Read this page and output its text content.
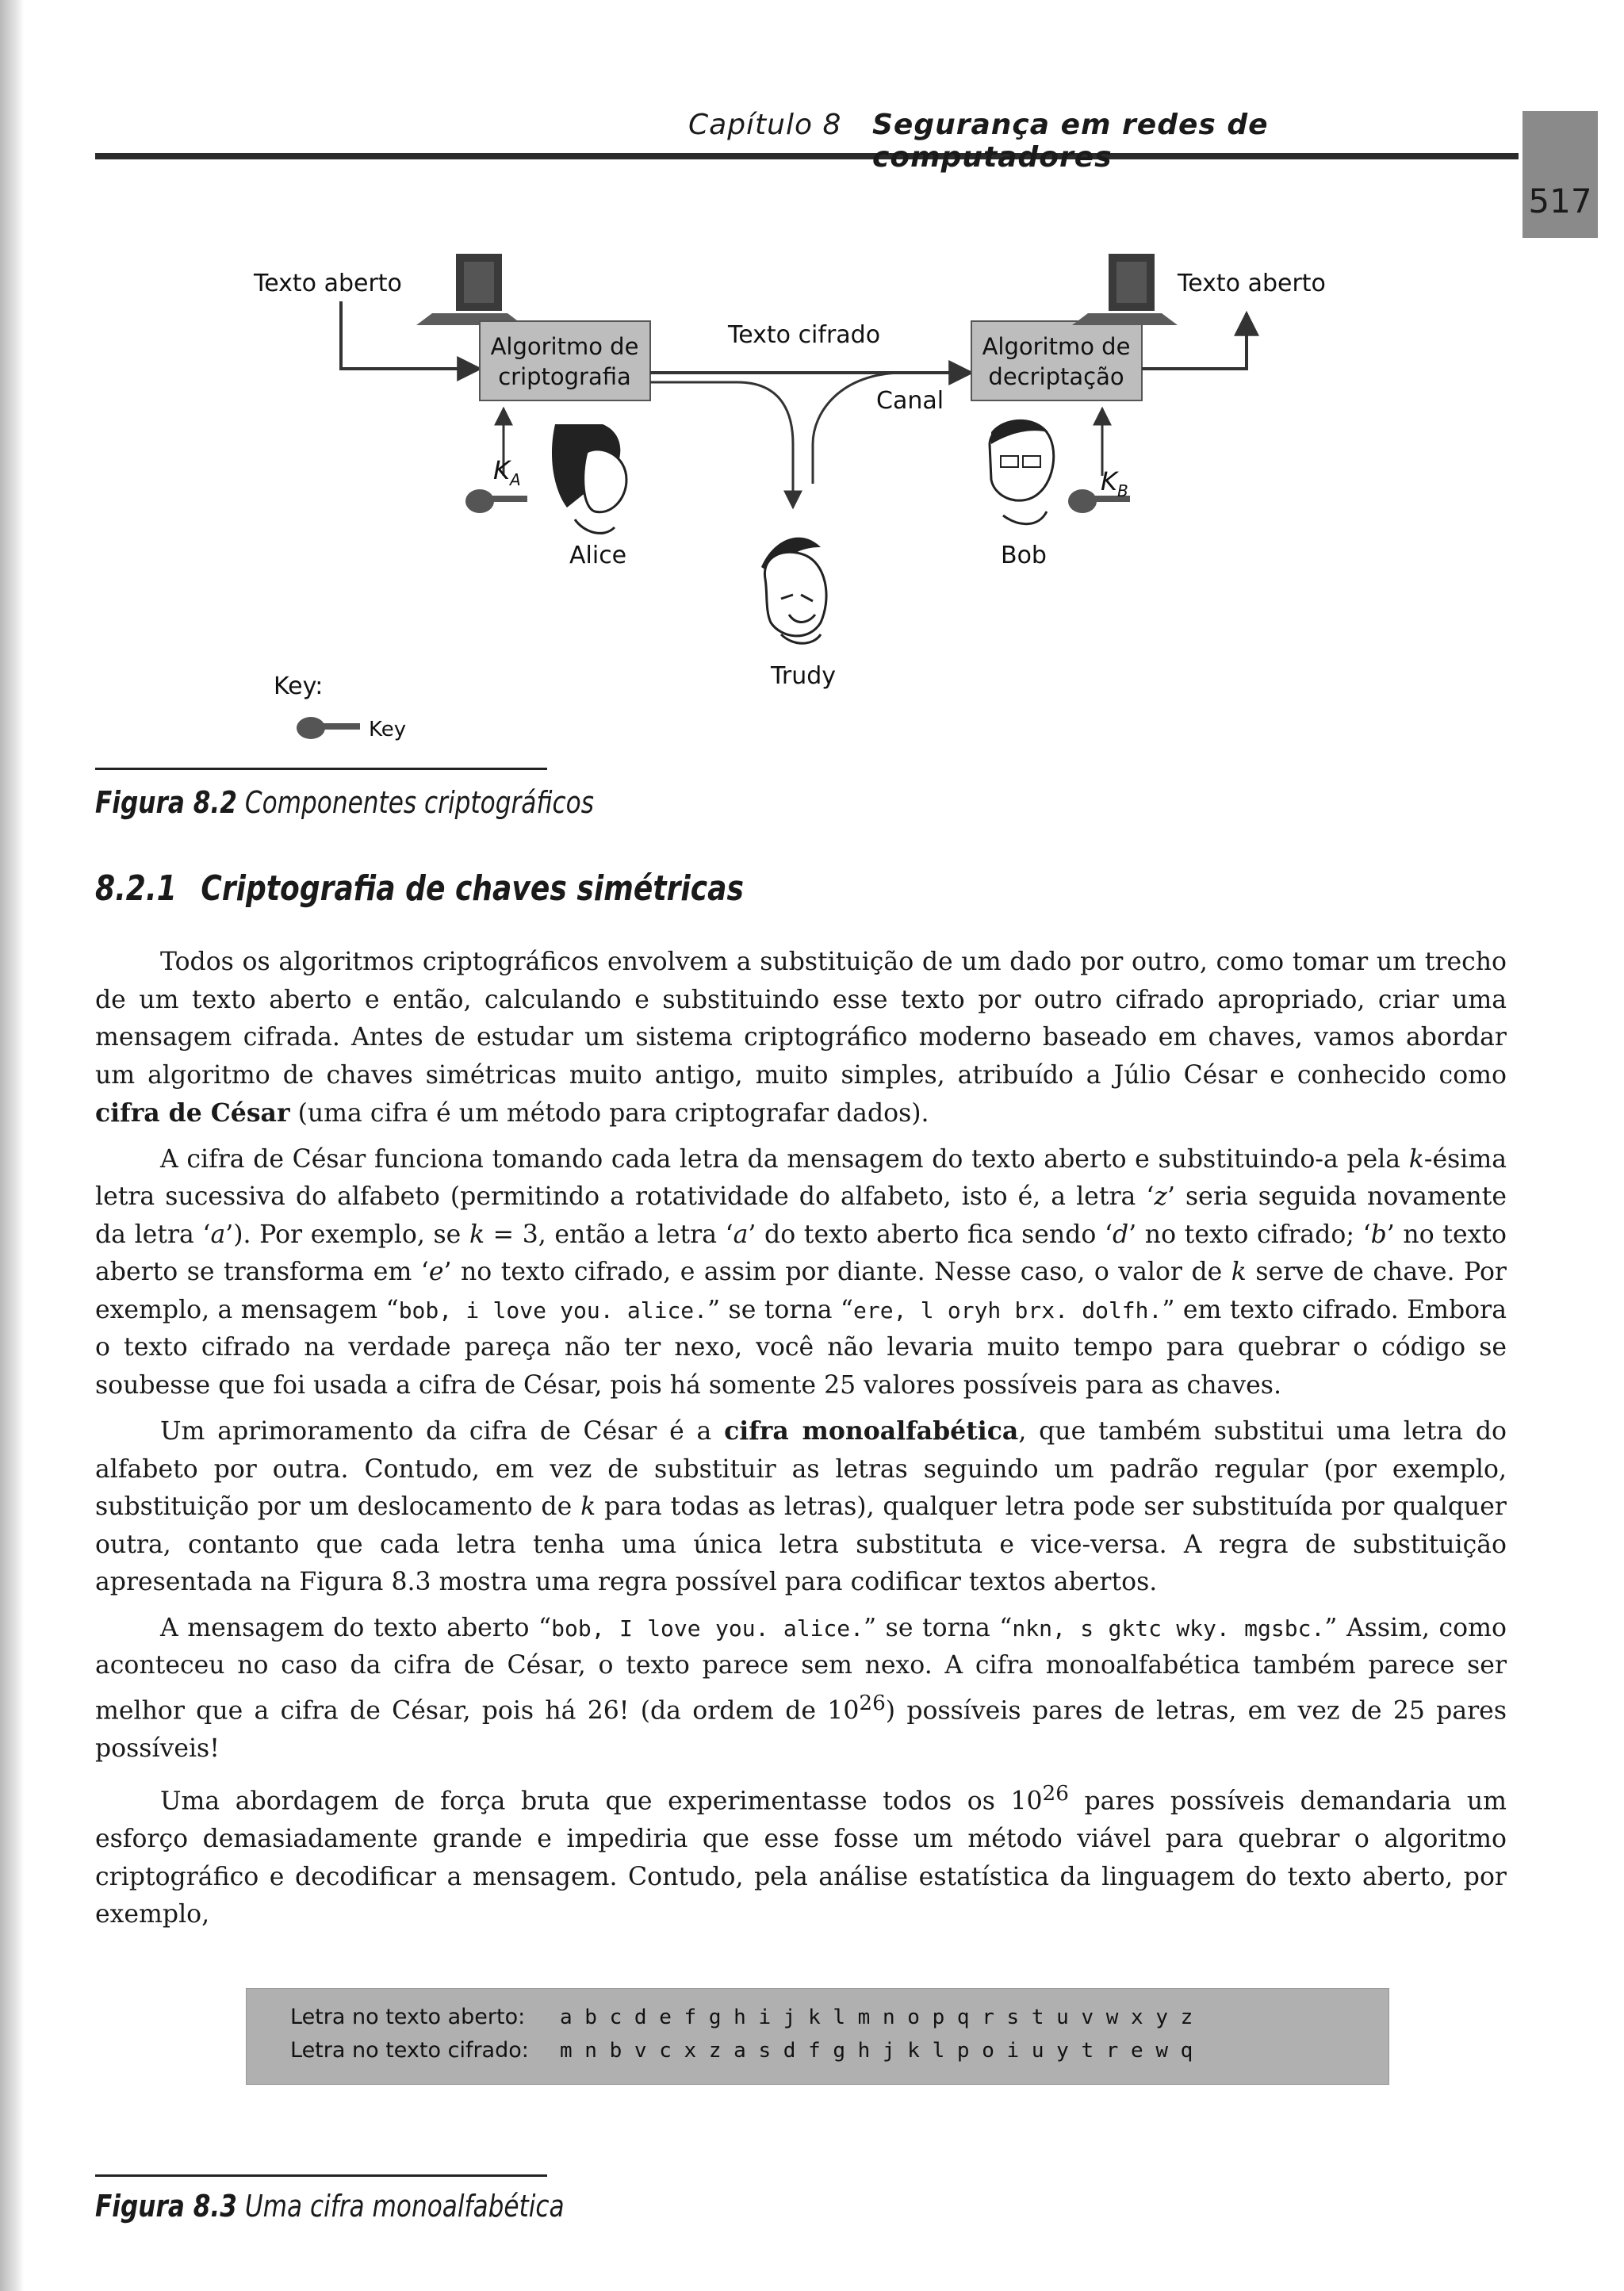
Capítulo 8 Segurança em redes de computadores
517
Texto aberto
Algoritmo de
criptografia
Texto cifrado
Canal
Algoritmo de
decriptação
Texto aberto
$K_A$
Alice	Bob
$K_B$
Trudy
Key:
Key
Figura 8.2 Componentes criptográficos
8.2.1 Criptografia de chaves simétricas

Todos os algoritmos criptográficos envolvem a substituição de um dado por outro, como tomar um trecho de um texto aberto e então, calculando e substituindo esse texto por outro cifrado apropriado, criar uma mensagem cifrada. Antes de estudar um sistema criptográfico moderno baseado em chaves, vamos abordar um algoritmo de chaves simétricas muito antigo, muito simples, atribuído a Júlio César e conhecido como cifra de César (uma cifra é um método para criptografar dados).

A cifra de César funciona tomando cada letra da mensagem do texto aberto e substituindo-a pela k-ésima letra sucessiva do alfabeto (permitindo a rotatividade do alfabeto, isto é, a letra ‘z’ seria seguida novamente da letra ‘a’). Por exemplo, se k = 3, então a letra ‘a’ do texto aberto fica sendo ‘d’ no texto cifrado; ‘b’ no texto aberto se transforma em ‘e’ no texto cifrado, e assim por diante. Nesse caso, o valor de k serve de chave. Por exemplo, a mensagem “bob, i love you. alice.” se torna “ere, l oryh brx. dolfh.” em texto cifrado. Embora o texto cifrado na verdade pareça não ter nexo, você não levaria muito tempo para quebrar o código se soubesse que foi usada a cifra de César, pois há somente 25 valores possíveis para as chaves.

Um aprimoramento da cifra de César é a cifra monoalfabética, que também substitui uma letra do alfabeto por outra. Contudo, em vez de substituir as letras seguindo um padrão regular (por exemplo, substituição por um deslocamento de k para todas as letras), qualquer letra pode ser substituída por qualquer outra, contanto que cada letra tenha uma única letra substituta e vice-versa. A regra de substituição apresentada na Figura 8.3 mostra uma regra possível para codificar textos abertos.

A mensagem do texto aberto “bob, I love you. alice.” se torna “nkn, s gktc wky. mgsbc.” Assim, como aconteceu no caso da cifra de César, o texto parece sem nexo. A cifra monoalfabética também parece ser melhor que a cifra de César, pois há 26! (da ordem de $10^{26}$) possíveis pares de letras, em vez de 25 pares possíveis!

Uma abordagem de força bruta que experimentasse todos os $10^{26}$ pares possíveis demandaria um esforço demasiadamente grande e impediria que esse fosse um método viável para quebrar o algoritmo criptográfico e decodificar a mensagem. Contudo, pela análise estatística da linguagem do texto aberto, por exemplo,

Letra no texto aberto:	a b c d e f g h i j k l m n o p q r s t u v w x y z
Letra no texto cifrado:	m n b v c x z a s d f g h j k l p o i u y t r e w q
Figura 8.3 Uma cifra monoalfabética
